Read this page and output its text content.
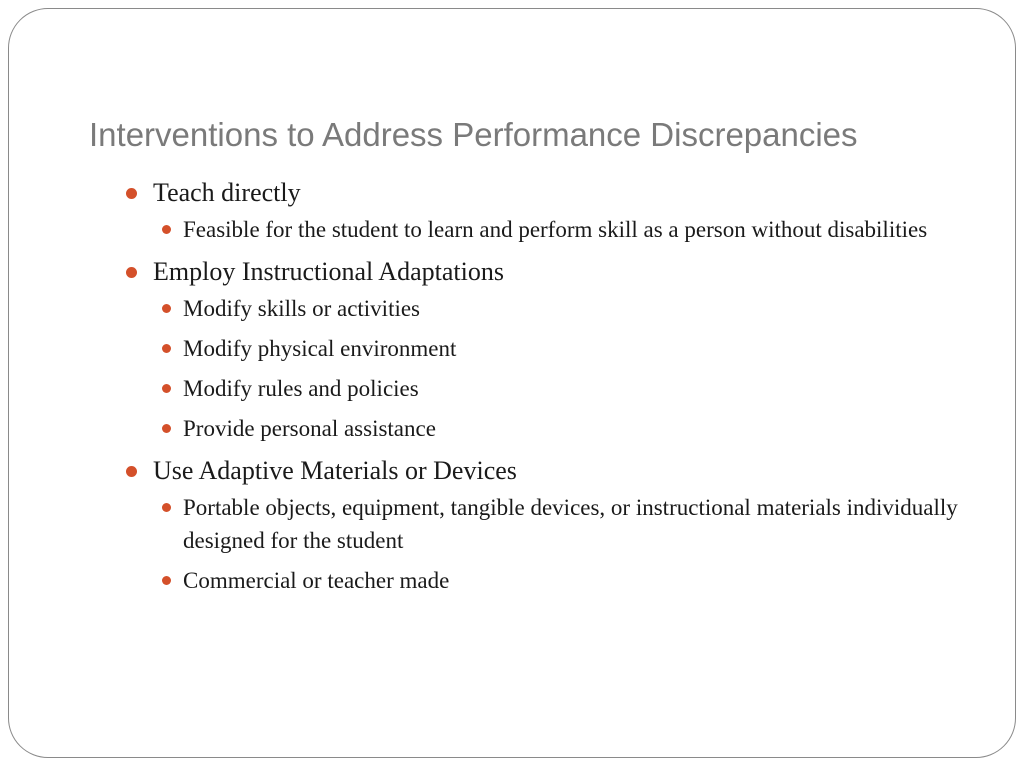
Interventions to Address Performance Discrepancies
Teach directly
Feasible for the student to learn and perform skill as a person without disabilities
Employ Instructional Adaptations
Modify skills or activities
Modify physical environment
Modify rules and policies
Provide personal assistance
Use Adaptive Materials or Devices
Portable objects, equipment, tangible devices, or instructional materials individually designed for the student
Commercial or teacher made
